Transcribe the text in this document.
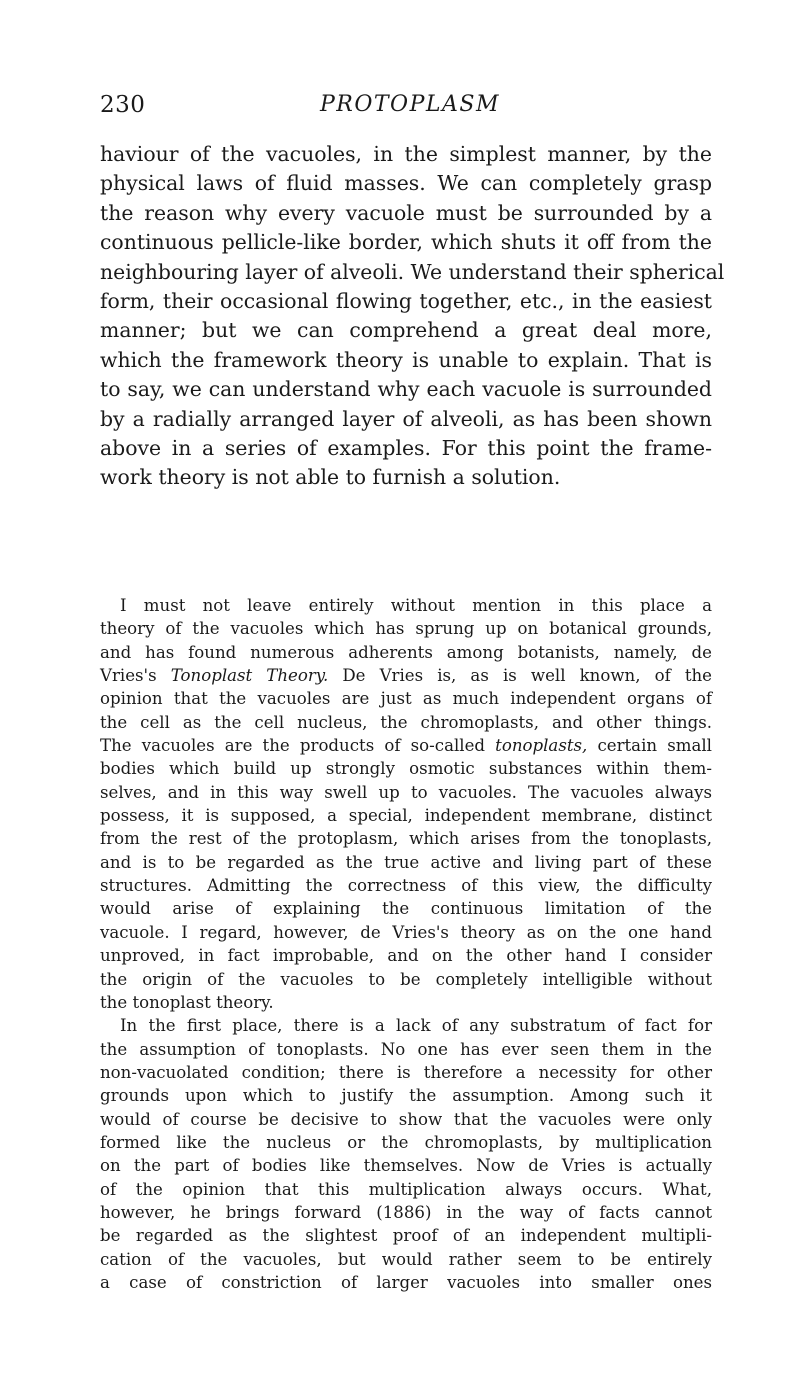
230	PROTOPLASM
haviour of the vacuoles, in the simplest manner, by the
physical laws of fluid masses. We can completely grasp
the reason why every vacuole must be surrounded by a
continuous pellicle-like border, which shuts it off from the
neighbouring layer of alveoli. We understand their spherical
form, their occasional flowing together, etc., in the easiest
manner; but we can comprehend a great deal more,
which the framework theory is unable to explain. That is
to say, we can understand why each vacuole is surrounded
by a radially arranged layer of alveoli, as has been shown
above in a series of examples. For this point the frame-
work theory is not able to furnish a solution.
I must not leave entirely without mention in this place a
theory of the vacuoles which has sprung up on botanical grounds,
and has found numerous adherents among botanists, namely, de
Vries's Tonoplast Theory. De Vries is, as is well known, of the
opinion that the vacuoles are just as much independent organs of
the cell as the cell nucleus, the chromoplasts, and other things.
The vacuoles are the products of so-called tonoplasts, certain small
bodies which build up strongly osmotic substances within them-
selves, and in this way swell up to vacuoles. The vacuoles always
possess, it is supposed, a special, independent membrane, distinct
from the rest of the protoplasm, which arises from the tonoplasts,
and is to be regarded as the true active and living part of these
structures. Admitting the correctness of this view, the difficulty
would arise of explaining the continuous limitation of the
vacuole. I regard, however, de Vries's theory as on the one hand
unproved, in fact improbable, and on the other hand I consider
the origin of the vacuoles to be completely intelligible without
the tonoplast theory.
In the first place, there is a lack of any substratum of fact for
the assumption of tonoplasts. No one has ever seen them in the
non-vacuolated condition; there is therefore a necessity for other
grounds upon which to justify the assumption. Among such it
would of course be decisive to show that the vacuoles were only
formed like the nucleus or the chromoplasts, by multiplication
on the part of bodies like themselves. Now de Vries is actually
of the opinion that this multiplication always occurs. What,
however, he brings forward (1886) in the way of facts cannot
be regarded as the slightest proof of an independent multipli-
cation of the vacuoles, but would rather seem to be entirely
a case of constriction of larger vacuoles into smaller ones
